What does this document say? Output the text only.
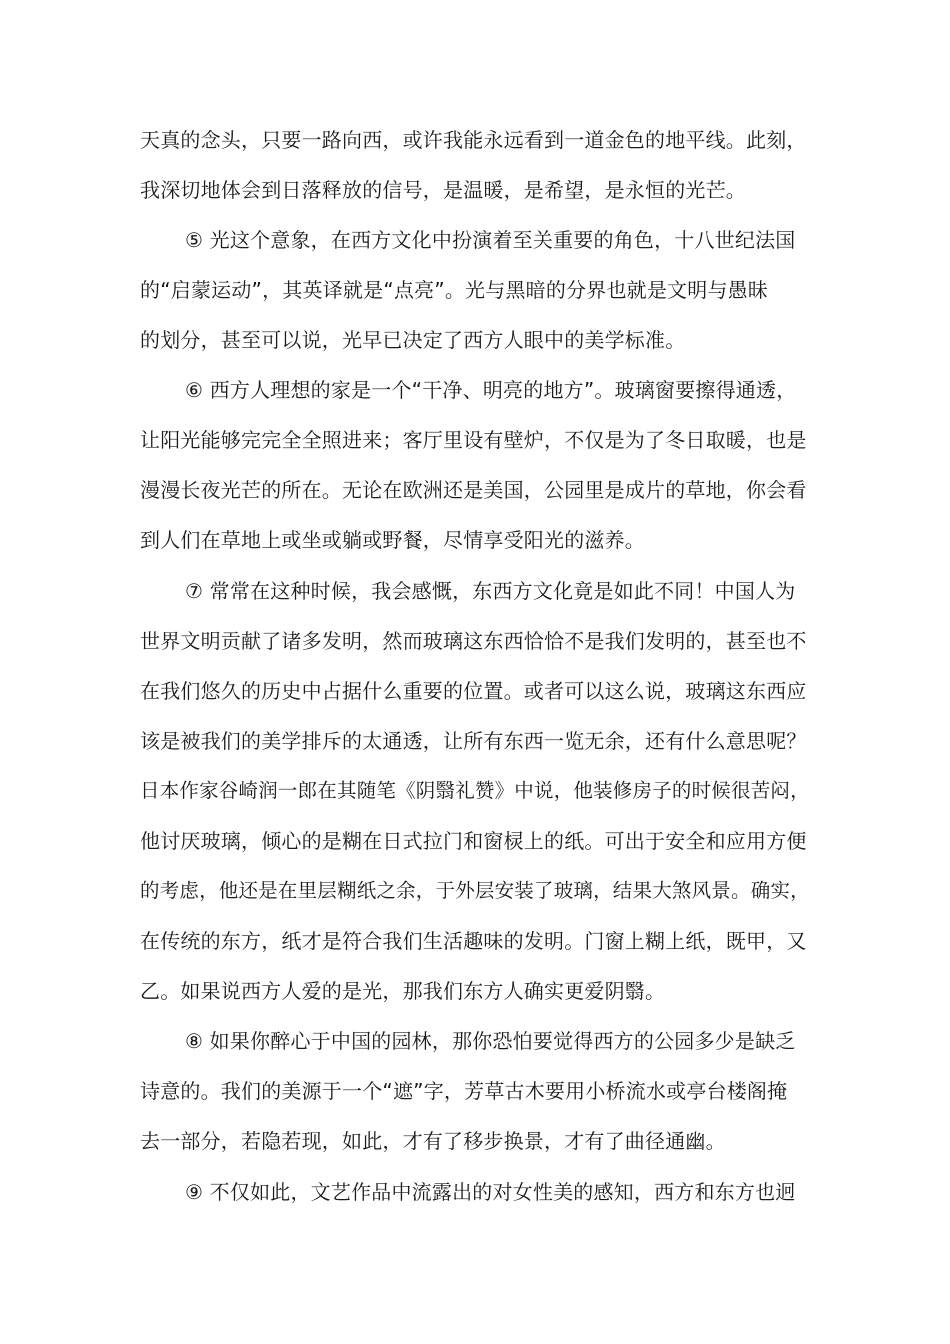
天真的念头，只要一路向西，或许我能永远看到一道金色的地平线。此刻，
我深切地体会到日落释放的信号，是温暖，是希望，是永恒的光芒。
⑤ 光这个意象，在西方文化中扮演着至关重要的角色，十八世纪法国
的“启蒙运动”，其英译就是“点亮”。光与黑暗的分界也就是文明与愚昧
的划分，甚至可以说，光早已决定了西方人眼中的美学标准。
⑥ 西方人理想的家是一个“干净、明亮的地方”。玻璃窗要擦得通透，
让阳光能够完完全全照进来；客厅里设有壁炉，不仅是为了冬日取暖，也是
漫漫长夜光芒的所在。无论在欧洲还是美国，公园里是成片的草地，你会看
到人们在草地上或坐或躺或野餐，尽情享受阳光的滋养。
⑦ 常常在这种时候，我会感慨，东西方文化竟是如此不同！中国人为
世界文明贡献了诸多发明，然而玻璃这东西恰恰不是我们发明的，甚至也不
在我们悠久的历史中占据什么重要的位置。或者可以这么说，玻璃这东西应
该是被我们的美学排斥的太通透，让所有东西一览无余，还有什么意思呢？
日本作家谷崎润一郎在其随笔《阴翳礼赞》中说，他装修房子的时候很苦闷，
他讨厌玻璃，倾心的是糊在日式拉门和窗棂上的纸。可出于安全和应用方便
的考虑，他还是在里层糊纸之余，于外层安装了玻璃，结果大煞风景。确实，
在传统的东方，纸才是符合我们生活趣味的发明。门窗上糊上纸，既甲，又
乙。如果说西方人爱的是光，那我们东方人确实更爱阴翳。
⑧ 如果你醉心于中国的园林，那你恐怕要觉得西方的公园多少是缺乏
诗意的。我们的美源于一个“遮”字，芳草古木要用小桥流水或亭台楼阁掩
去一部分，若隐若现，如此，才有了移步换景，才有了曲径通幽。
⑨ 不仅如此，文艺作品中流露出的对女性美的感知，西方和东方也迥
